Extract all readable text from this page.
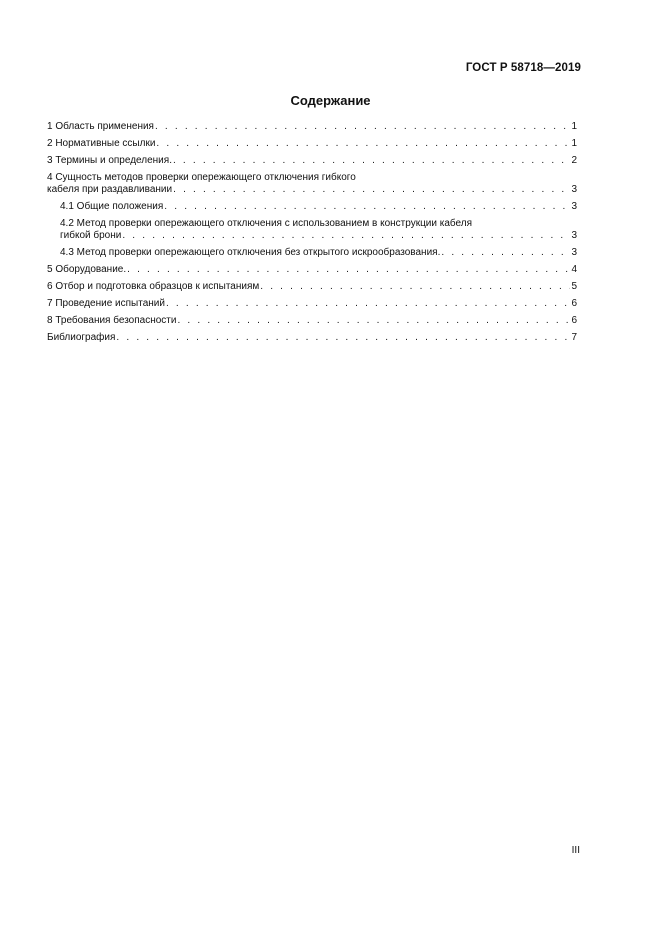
ГОСТ Р 58718—2019
Содержание
1 Область применения . . .	1
2 Нормативные ссылки . . .	1
3 Термины и определения. . . .	2
4 Сущность методов проверки опережающего отключения гибкого
кабеля при раздавливании . . .	3
4.1 Общие положения . . .	3
4.2 Метод проверки опережающего отключения с использованием в конструкции кабеля
гибкой брони . . .	3
4.3 Метод проверки опережающего отключения без открытого искрообразования. . . .	3
5 Оборудование. . . .	4
6 Отбор и подготовка образцов к испытаниям . . .	5
7 Проведение испытаний . . .	6
8 Требования безопасности . . .	6
Библиография . . .	7
III
